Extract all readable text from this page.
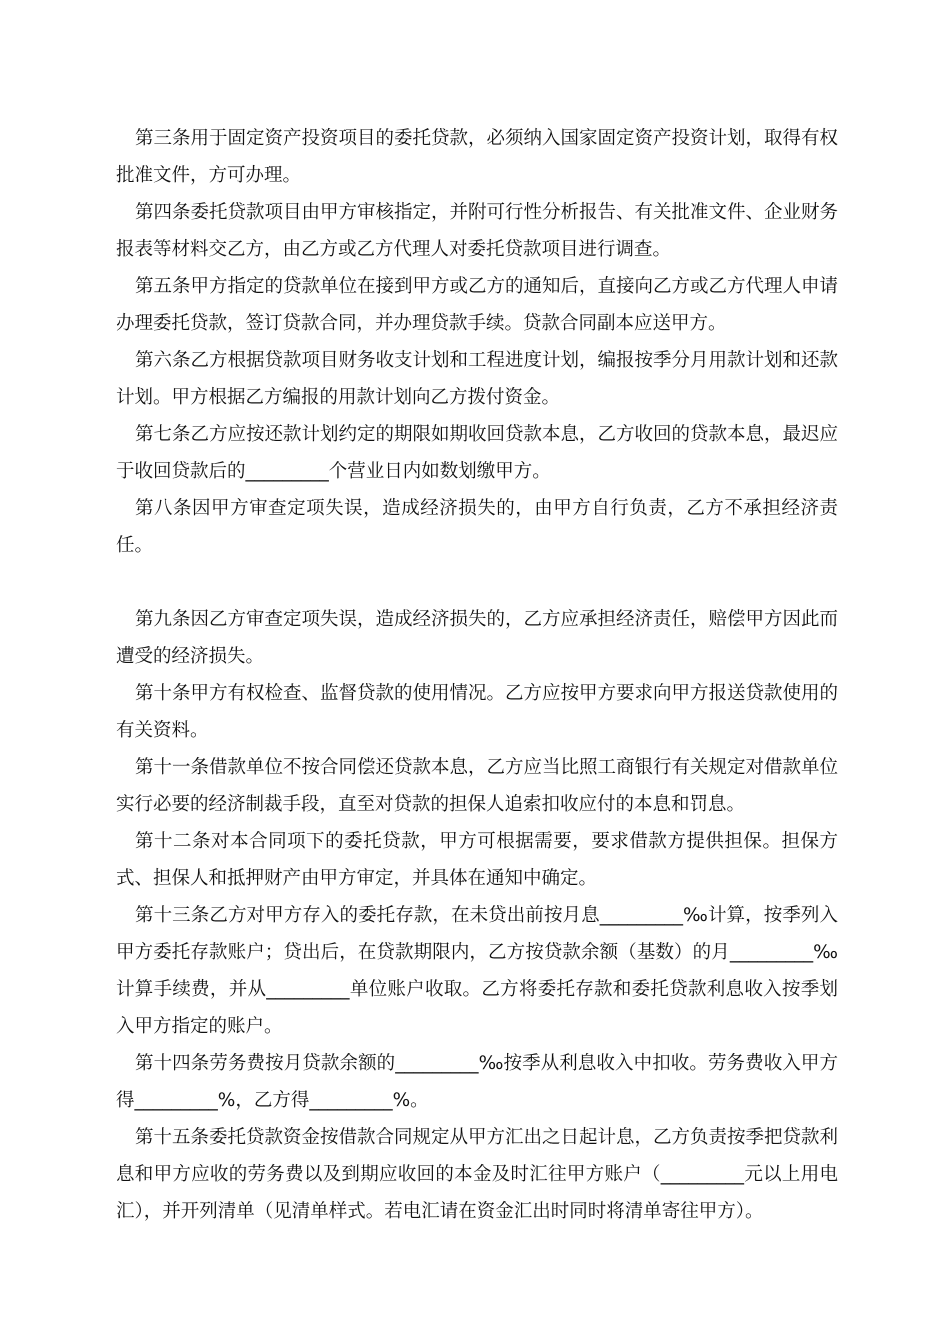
第三条用于固定资产投资项目的委托贷款，必须纳入国家固定资产投资计划，取得有权批准文件，方可办理。

第四条委托贷款项目由甲方审核指定，并附可行性分析报告、有关批准文件、企业财务报表等材料交乙方，由乙方或乙方代理人对委托贷款项目进行调查。

第五条甲方指定的贷款单位在接到甲方或乙方的通知后，直接向乙方或乙方代理人申请办理委托贷款，签订贷款合同，并办理贷款手续。贷款合同副本应送甲方。

第六条乙方根据贷款项目财务收支计划和工程进度计划，编报按季分月用款计划和还款计划。甲方根据乙方编报的用款计划向乙方拨付资金。

第七条乙方应按还款计划约定的期限如期收回贷款本息，乙方收回的贷款本息，最迟应于收回贷款后的_________个营业日内如数划缴甲方。

第八条因甲方审查定项失误，造成经济损失的，由甲方自行负责，乙方不承担经济责任。

第九条因乙方审查定项失误，造成经济损失的，乙方应承担经济责任，赔偿甲方因此而遭受的经济损失。

第十条甲方有权检查、监督贷款的使用情况。乙方应按甲方要求向甲方报送贷款使用的有关资料。

第十一条借款单位不按合同偿还贷款本息，乙方应当比照工商银行有关规定对借款单位实行必要的经济制裁手段，直至对贷款的担保人追索扣收应付的本息和罚息。

第十二条对本合同项下的委托贷款，甲方可根据需要，要求借款方提供担保。担保方式、担保人和抵押财产由甲方审定，并具体在通知中确定。

第十三条乙方对甲方存入的委托存款，在未贷出前按月息_________‰计算，按季列入甲方委托存款账户；贷出后，在贷款期限内，乙方按贷款余额（基数）的月_________‰计算手续费，并从_________单位账户收取。乙方将委托存款和委托贷款利息收入按季划入甲方指定的账户。

第十四条劳务费按月贷款余额的_________‰按季从利息收入中扣收。劳务费收入甲方得_________%，乙方得_________%。

第十五条委托贷款资金按借款合同规定从甲方汇出之日起计息，乙方负责按季把贷款利息和甲方应收的劳务费以及到期应收回的本金及时汇往甲方账户（_________元以上用电汇），并开列清单（见清单样式。若电汇请在资金汇出时同时将清单寄往甲方）。
